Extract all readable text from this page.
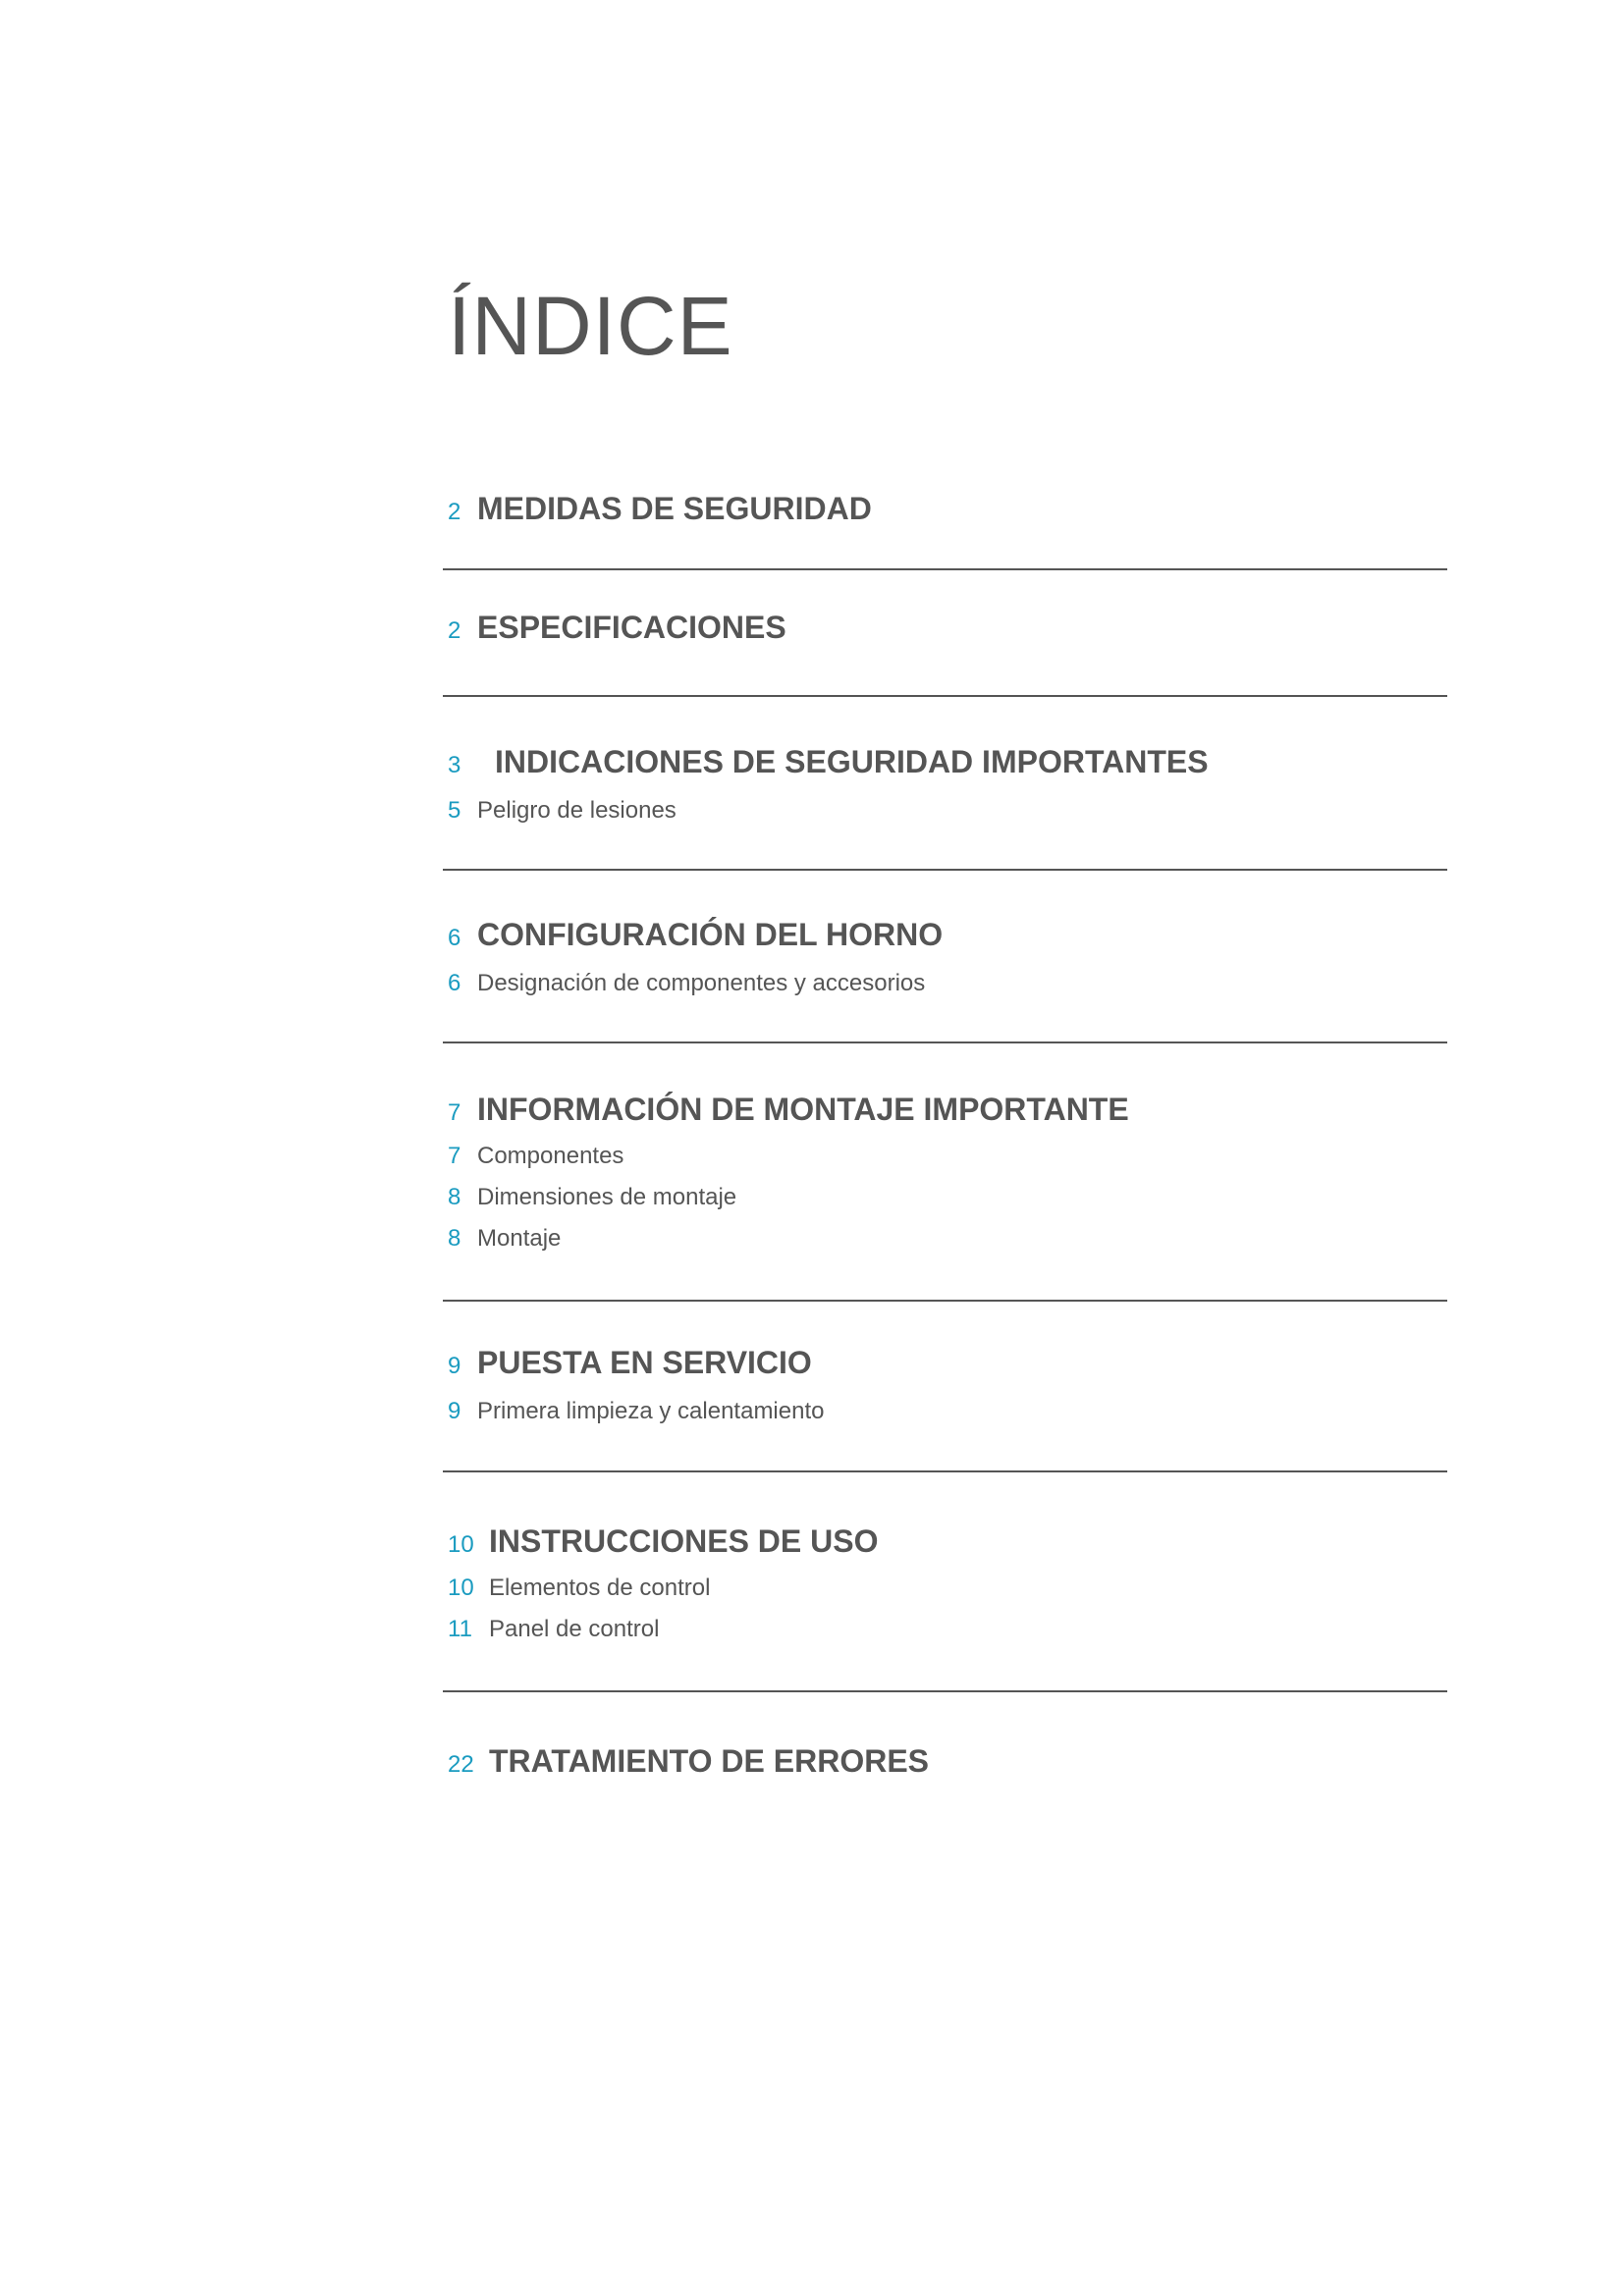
ÍNDICE
2 MEDIDAS DE SEGURIDAD
2 ESPECIFICACIONES
3	INDICACIONES DE SEGURIDAD IMPORTANTES
5 Peligro de lesiones
6 CONFIGURACIÓN DEL HORNO
6 Designación de componentes y accesorios
7 INFORMACIÓN DE MONTAJE IMPORTANTE
7 Componentes
8 Dimensiones de montaje
8 Montaje
9 PUESTA EN SERVICIO
9 Primera limpieza y calentamiento
10 INSTRUCCIONES DE USO
10 Elementos de control
11 Panel de control
22 TRATAMIENTO DE ERRORES
